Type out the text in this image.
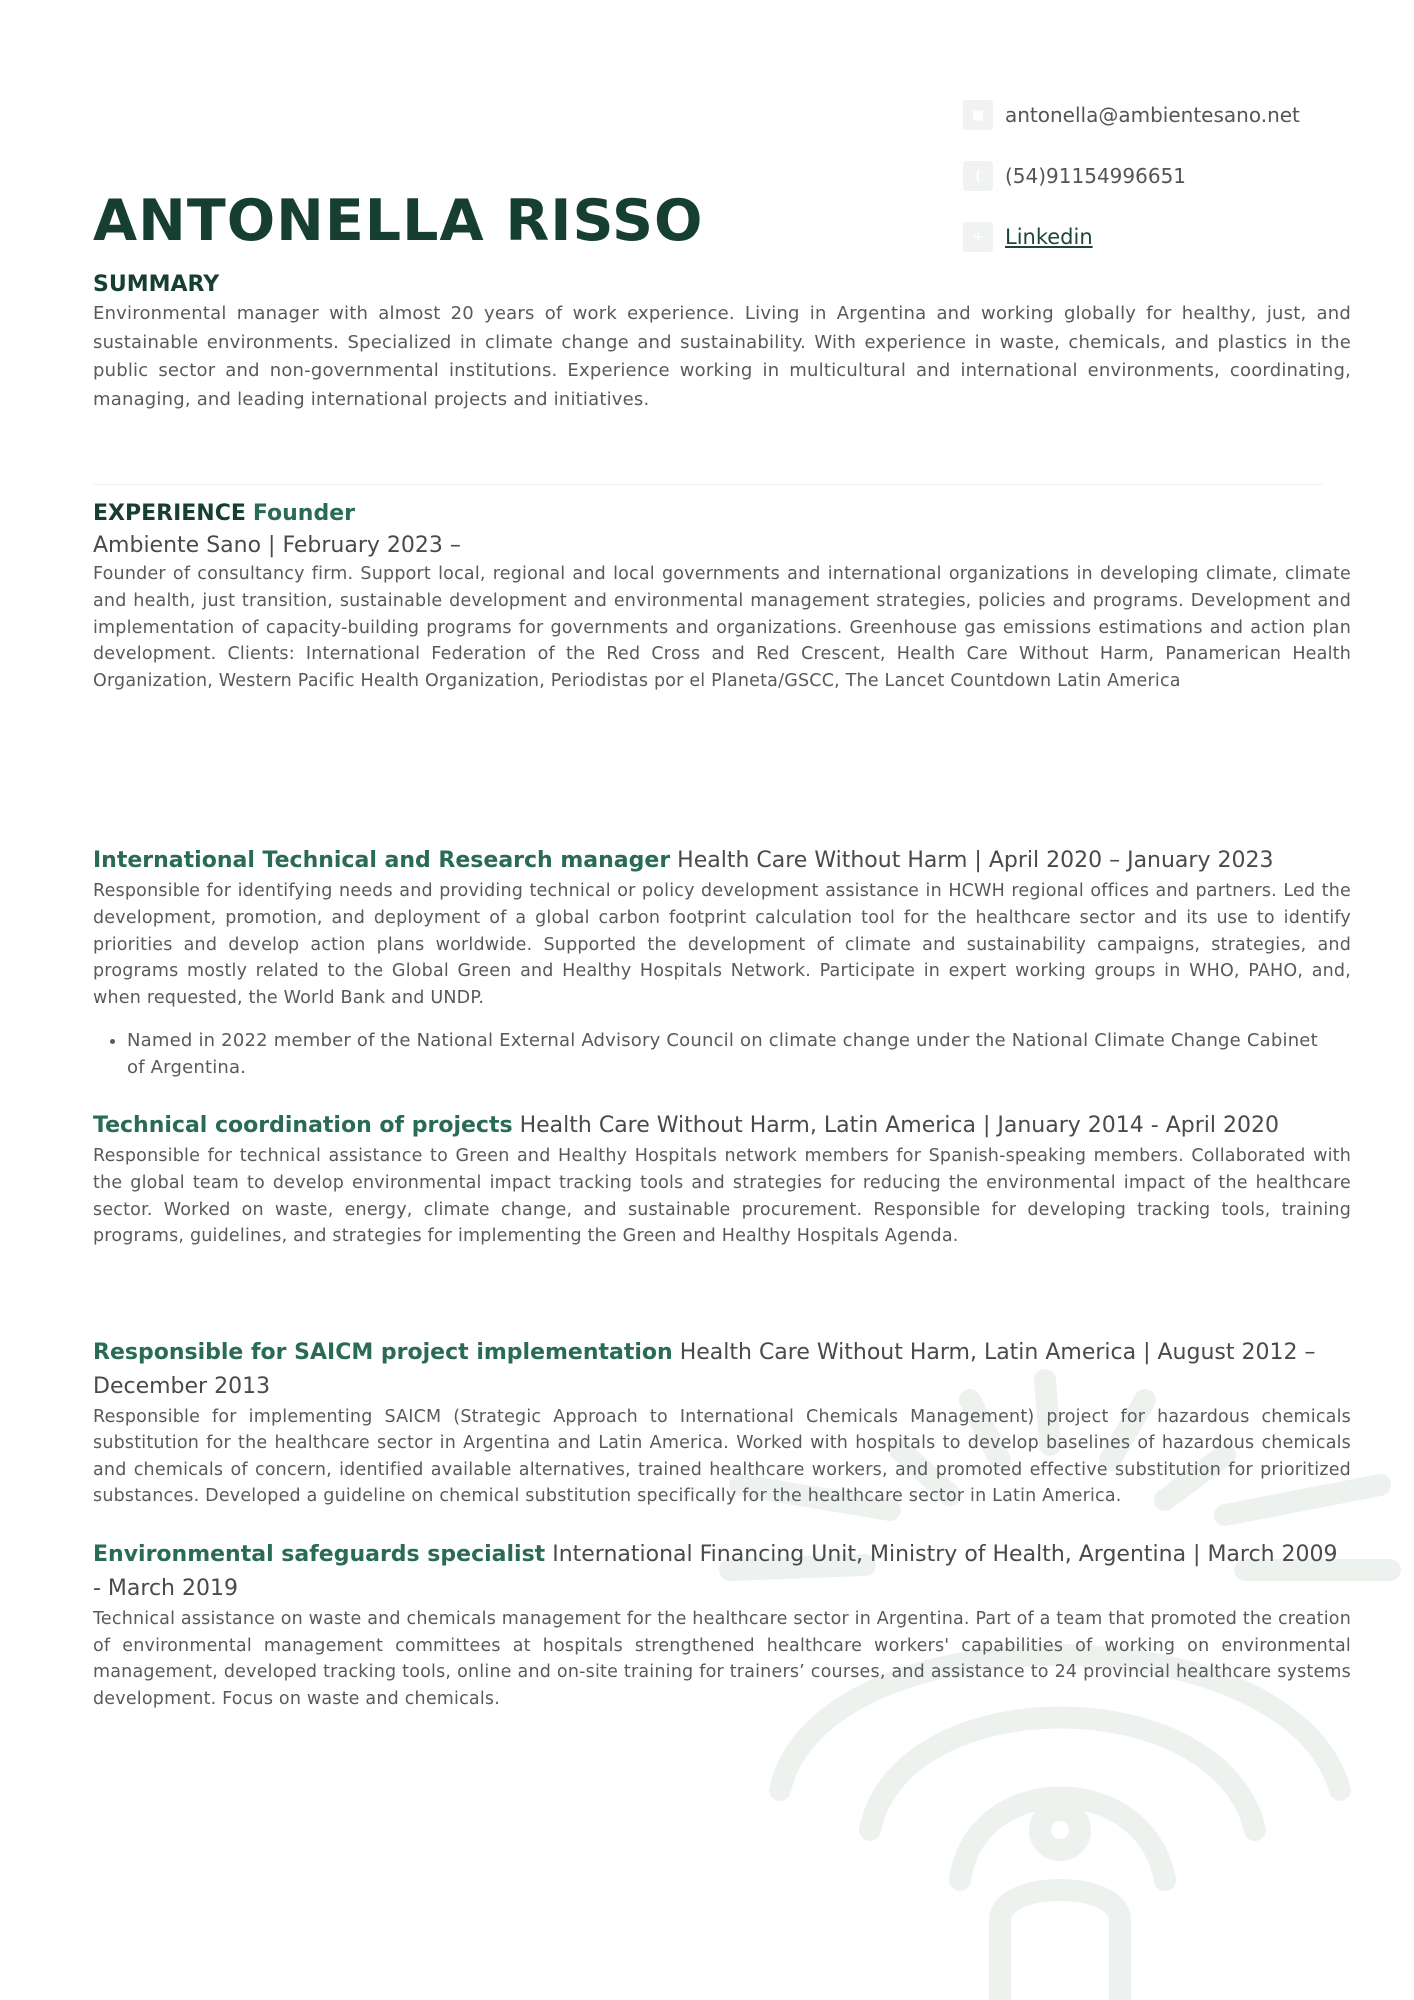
■	antonella@ambientesano.net
(	(54)91154996651
+	Linkedin
ANTONELLA RISSO
SUMMARY

Environmental manager with almost 20 years of work experience. Living in Argentina and working globally for healthy, just, and sustainable environments. Specialized in climate change and sustainability. With experience in waste, chemicals, and plastics in the public sector and non-governmental institutions. Experience working in multicultural and international environments, coordinating, managing, and leading international projects and initiatives.

EXPERIENCE Founder

Ambiente Sano | February 2023 –

Founder of consultancy firm. Support local, regional and local governments and international organizations in developing climate, climate and health, just transition, sustainable development and environmental management strategies, policies and programs. Development and implementation of capacity-building programs for governments and organizations. Greenhouse gas emissions estimations and action plan development. Clients: International Federation of the Red Cross and Red Crescent, Health Care Without Harm, Panamerican Health Organization, Western Pacific Health Organization, Periodistas por el Planeta/GSCC, The Lancet Countdown Latin America

International Technical and Research manager Health Care Without Harm | April 2020 – January 2023

Responsible for identifying needs and providing technical or policy development assistance in HCWH regional offices and partners. Led the development, promotion, and deployment of a global carbon footprint calculation tool for the healthcare sector and its use to identify priorities and develop action plans worldwide. Supported the development of climate and sustainability campaigns, strategies, and programs mostly related to the Global Green and Healthy Hospitals Network. Participate in expert working groups in WHO, PAHO, and, when requested, the World Bank and UNDP.

• Named in 2022 member of the National External Advisory Council on climate change under the National Climate Change Cabinet of Argentina.

Technical coordination of projects Health Care Without Harm, Latin America | January 2014 - April 2020

Responsible for technical assistance to Green and Healthy Hospitals network members for Spanish-speaking members. Collaborated with the global team to develop environmental impact tracking tools and strategies for reducing the environmental impact of the healthcare sector. Worked on waste, energy, climate change, and sustainable procurement. Responsible for developing tracking tools, training programs, guidelines, and strategies for implementing the Green and Healthy Hospitals Agenda.

Responsible for SAICM project implementation Health Care Without Harm, Latin America | August 2012 – December 2013

Responsible for implementing SAICM (Strategic Approach to International Chemicals Management) project for hazardous chemicals substitution for the healthcare sector in Argentina and Latin America. Worked with hospitals to develop baselines of hazardous chemicals and chemicals of concern, identified available alternatives, trained healthcare workers, and promoted effective substitution for prioritized substances. Developed a guideline on chemical substitution specifically for the healthcare sector in Latin America.

Environmental safeguards specialist International Financing Unit, Ministry of Health, Argentina | March 2009 - March 2019

Technical assistance on waste and chemicals management for the healthcare sector in Argentina. Part of a team that promoted the creation of environmental management committees at hospitals strengthened healthcare workers' capabilities of working on environmental management, developed tracking tools, online and on-site training for trainers’ courses, and assistance to 24 provincial healthcare systems development. Focus on waste and chemicals.
